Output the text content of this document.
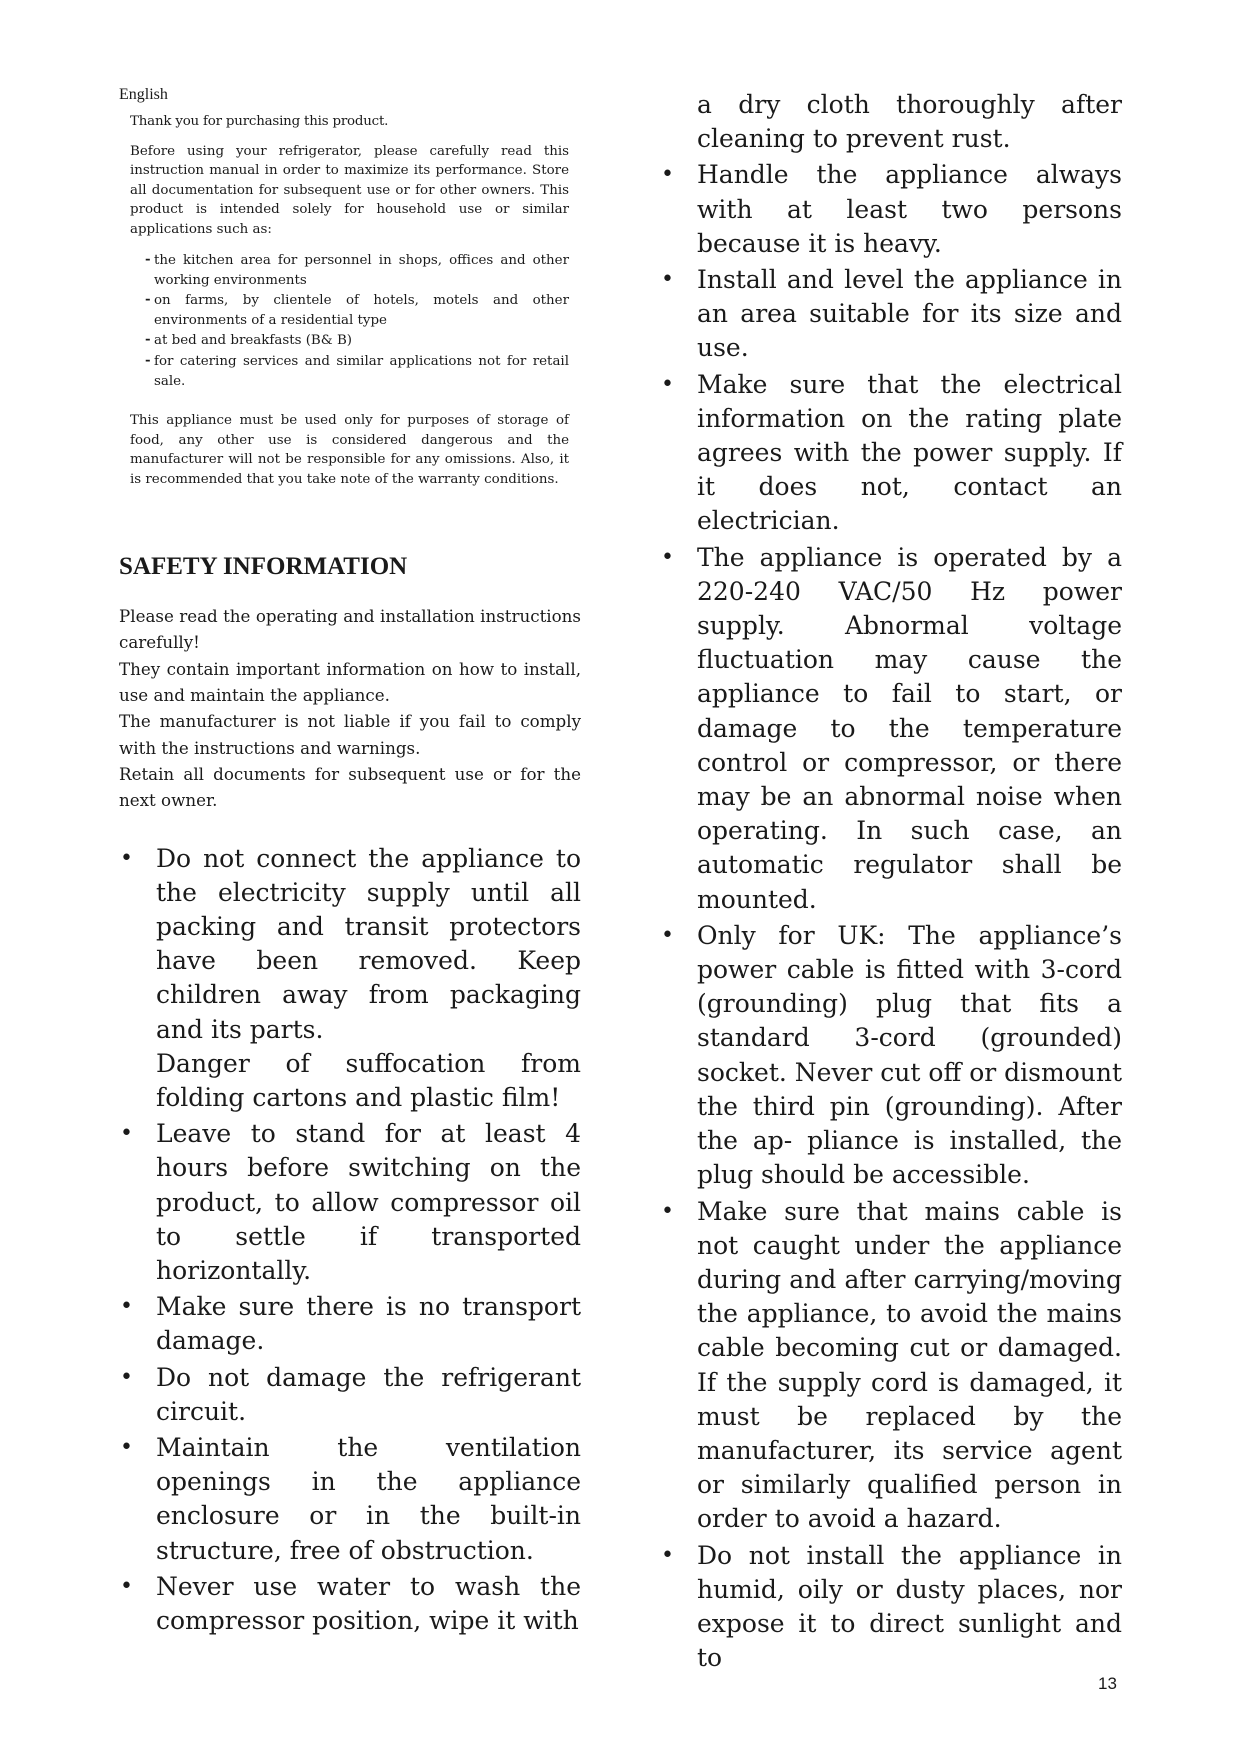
English

Thank you for purchasing this product.

Before using your refrigerator, please carefully read this instruction manual in order to maximize its performance. Store all documentation for subsequent use or for other owners. This product is intended solely for household use or similar applications such as:

- the kitchen area for personnel in shops, offices and other working environments
- on farms, by clientele of hotels, motels and other environments of a residential type
- at bed and breakfasts (B& B)
- for catering services and similar applications not for retail sale.

This appliance must be used only for purposes of storage of food, any other use is considered dangerous and the manufacturer will not be responsible for any omissions. Also, it is recommended that you take note of the warranty conditions.

SAFETY INFORMATION

Please read the operating and installation instructions carefully!

They contain important information on how to install, use and maintain the appliance.

The manufacturer is not liable if you fail to comply with the instructions and warnings.

Retain all documents for subsequent use or for the next owner.

• Do not connect the appliance to the electricity supply until all packing and transit protectors have been removed. Keep children away from packaging and its parts.
Danger of suffocation from folding cartons and plastic film!
• Leave to stand for at least 4 hours before switching on the product, to allow compressor oil to settle if transported horizontally.
• Make sure there is no transport damage.
• Do not damage the refrigerant circuit.
• Maintain the ventilation openings in the appliance enclosure or in the built-in structure, free of obstruction.
• Never use water to wash the compressor position, wipe it with

a dry cloth thoroughly after cleaning to prevent rust.

• Handle the appliance always with at least two persons because it is heavy.
• Install and level the appliance in an area suitable for its size and use.
• Make sure that the electrical information on the rating plate agrees with the power supply. If it does not, contact an electrician.
• The appliance is operated by a 220-240 VAC/50 Hz power supply. Abnormal voltage fluctuation may cause the appliance to fail to start, or damage to the temperature control or compressor, or there may be an abnormal noise when operating. In such case, an automatic regulator shall be mounted.
• Only for UK: The appliance’s power cable is fitted with 3-cord (grounding) plug that fits a standard 3-cord (grounded) socket. Never cut off or dismount the third pin (grounding). After the ap- pliance is installed, the plug should be accessible.
• Make sure that mains cable is not caught under the appliance during and after carrying/moving the appliance, to avoid the mains cable becoming cut or damaged. If the supply cord is damaged, it must be replaced by the manufacturer, its service agent or similarly qualified person in order to avoid a hazard.
• Do not install the appliance in humid, oily or dusty places, nor expose it to direct sunlight and to
13
